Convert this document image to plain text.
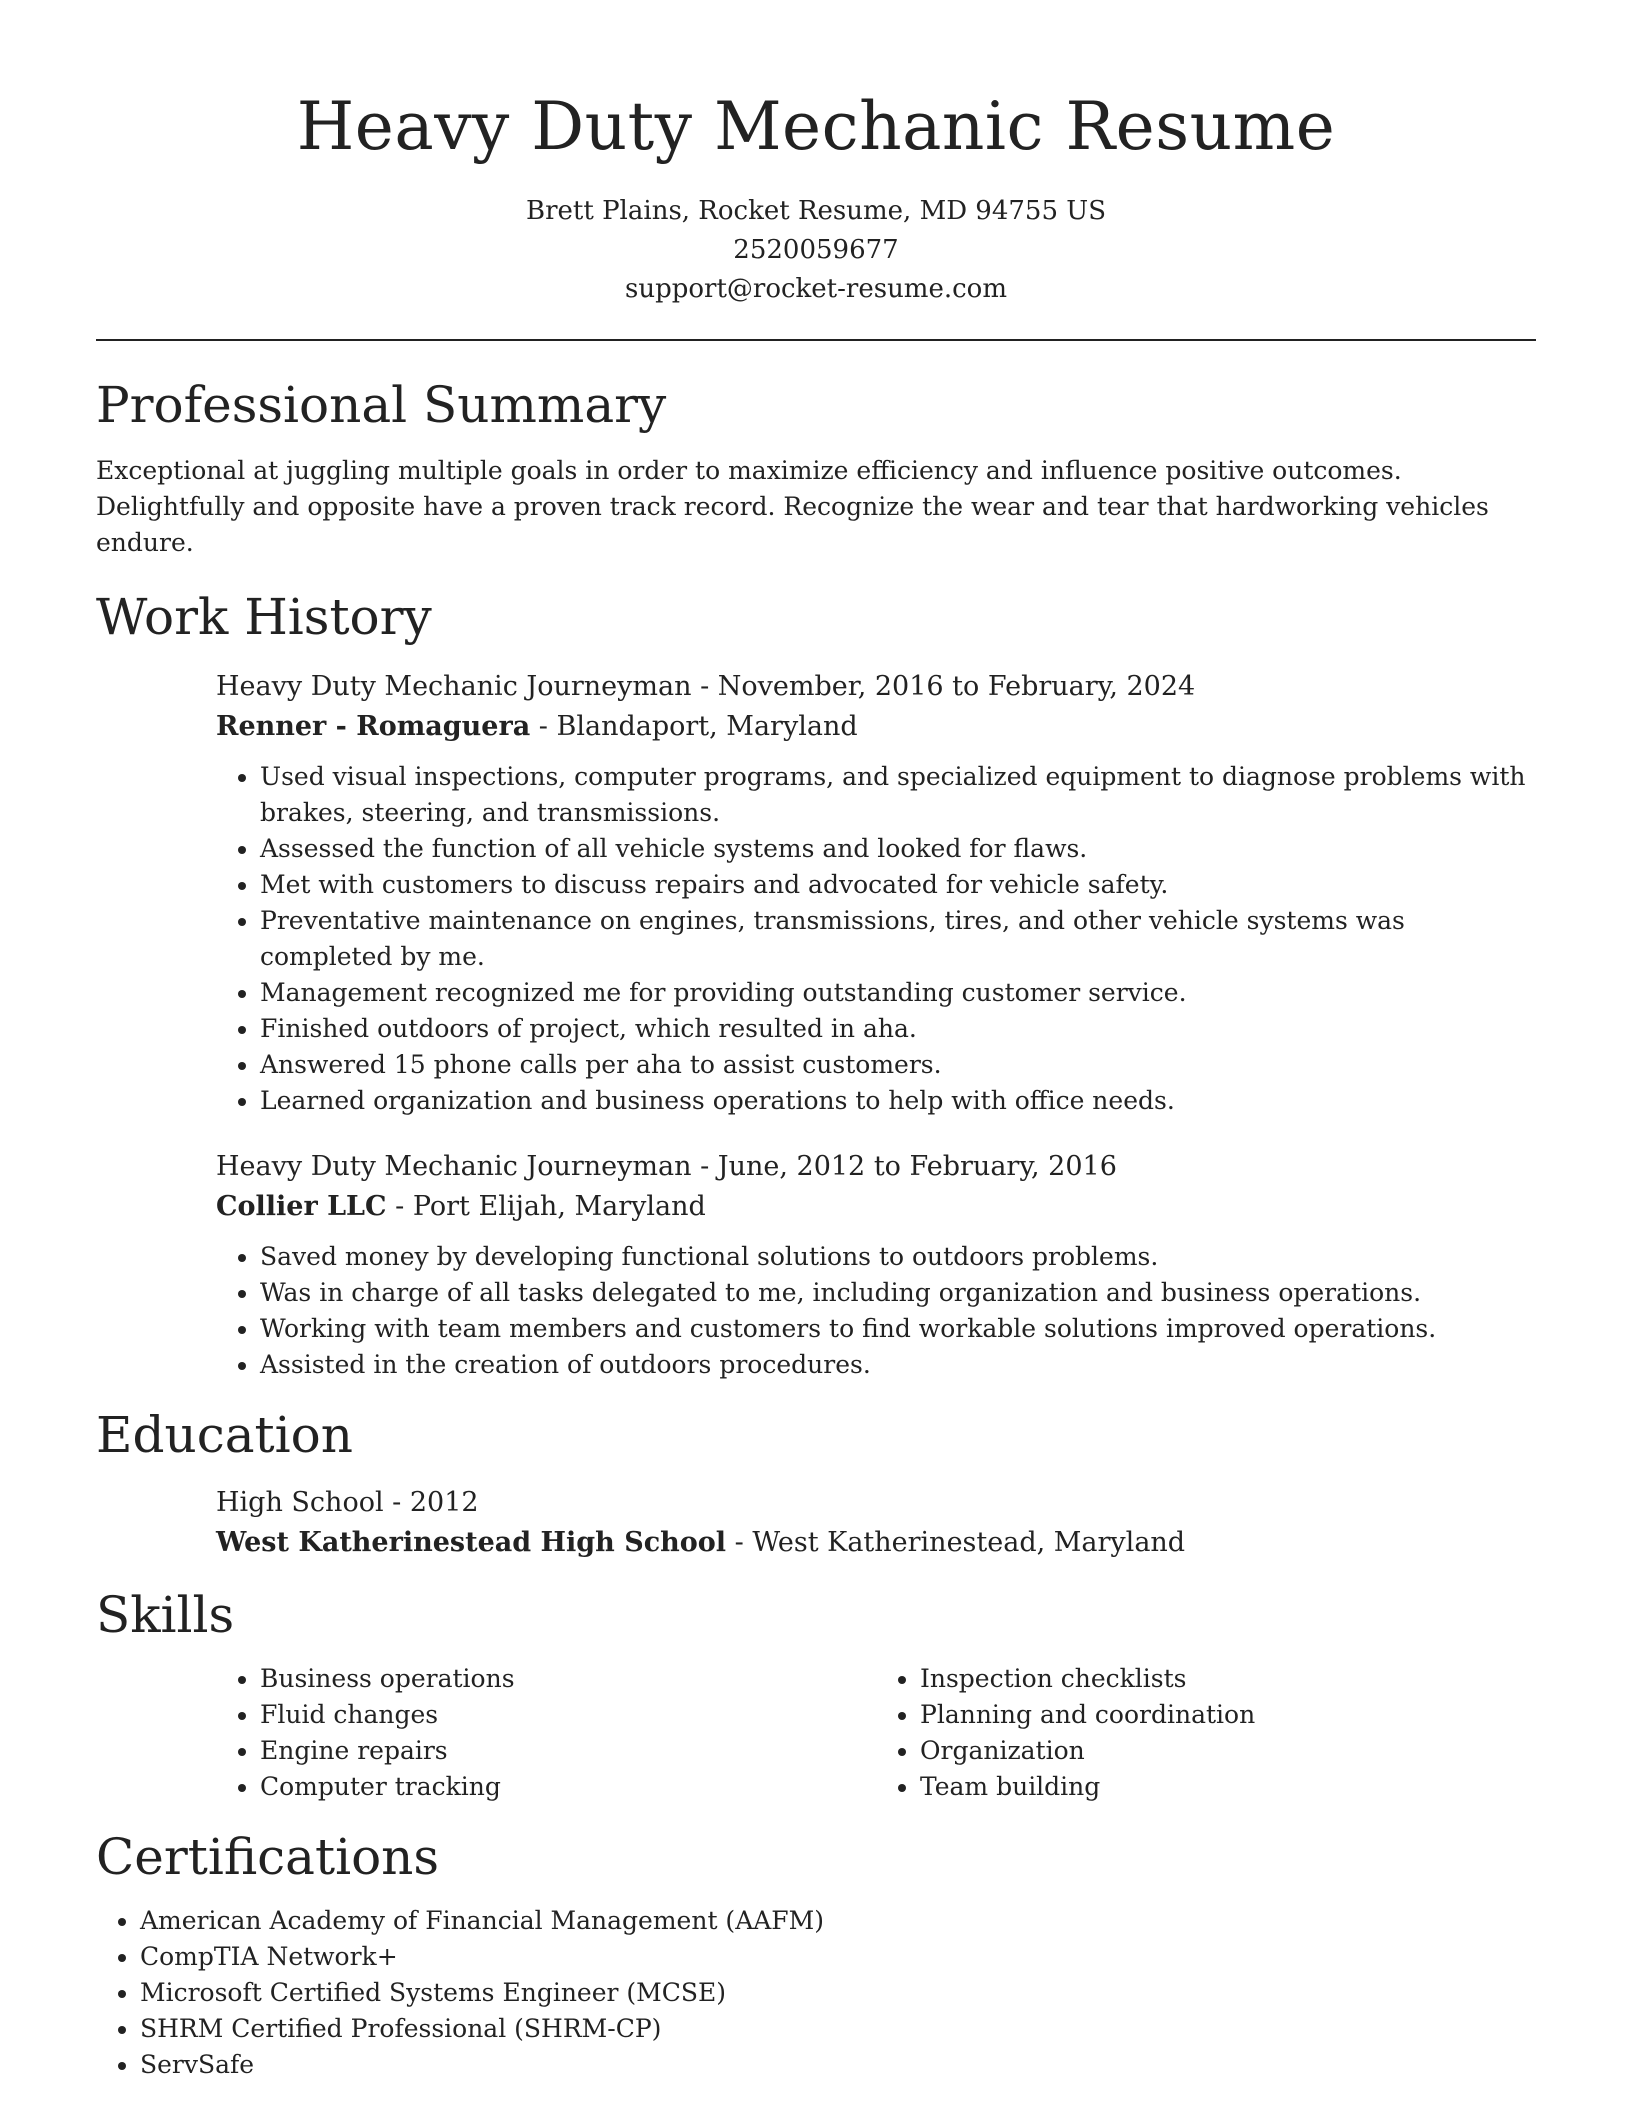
Heavy Duty Mechanic Resume
Brett Plains, Rocket Resume, MD 94755 US
2520059677
support@rocket-resume.com
Professional Summary

Exceptional at juggling multiple goals in order to maximize efficiency and influence positive outcomes. Delightfully and opposite have a proven track record. Recognize the wear and tear that hardworking vehicles endure.

Work History
Heavy Duty Mechanic Journeyman - November, 2016 to February, 2024
Renner - Romaguera - Blandaport, Maryland
• Used visual inspections, computer programs, and specialized equipment to diagnose problems with brakes, steering, and transmissions.
• Assessed the function of all vehicle systems and looked for flaws.
• Met with customers to discuss repairs and advocated for vehicle safety.
• Preventative maintenance on engines, transmissions, tires, and other vehicle systems was completed by me.
• Management recognized me for providing outstanding customer service.
• Finished outdoors of project, which resulted in aha.
• Answered 15 phone calls per aha to assist customers.
• Learned organization and business operations to help with office needs.
Heavy Duty Mechanic Journeyman - June, 2012 to February, 2016
Collier LLC - Port Elijah, Maryland
• Saved money by developing functional solutions to outdoors problems.
• Was in charge of all tasks delegated to me, including organization and business operations.
• Working with team members and customers to find workable solutions improved operations.
• Assisted in the creation of outdoors procedures.
Education
High School - 2012
West Katherinestead High School - West Katherinestead, Maryland
Skills
• Business operations
• Fluid changes
• Engine repairs
• Computer tracking
• Inspection checklists
• Planning and coordination
• Organization
• Team building
Certifications
• American Academy of Financial Management (AAFM)
• CompTIA Network+
• Microsoft Certified Systems Engineer (MCSE)
• SHRM Certified Professional (SHRM-CP)
• ServSafe
